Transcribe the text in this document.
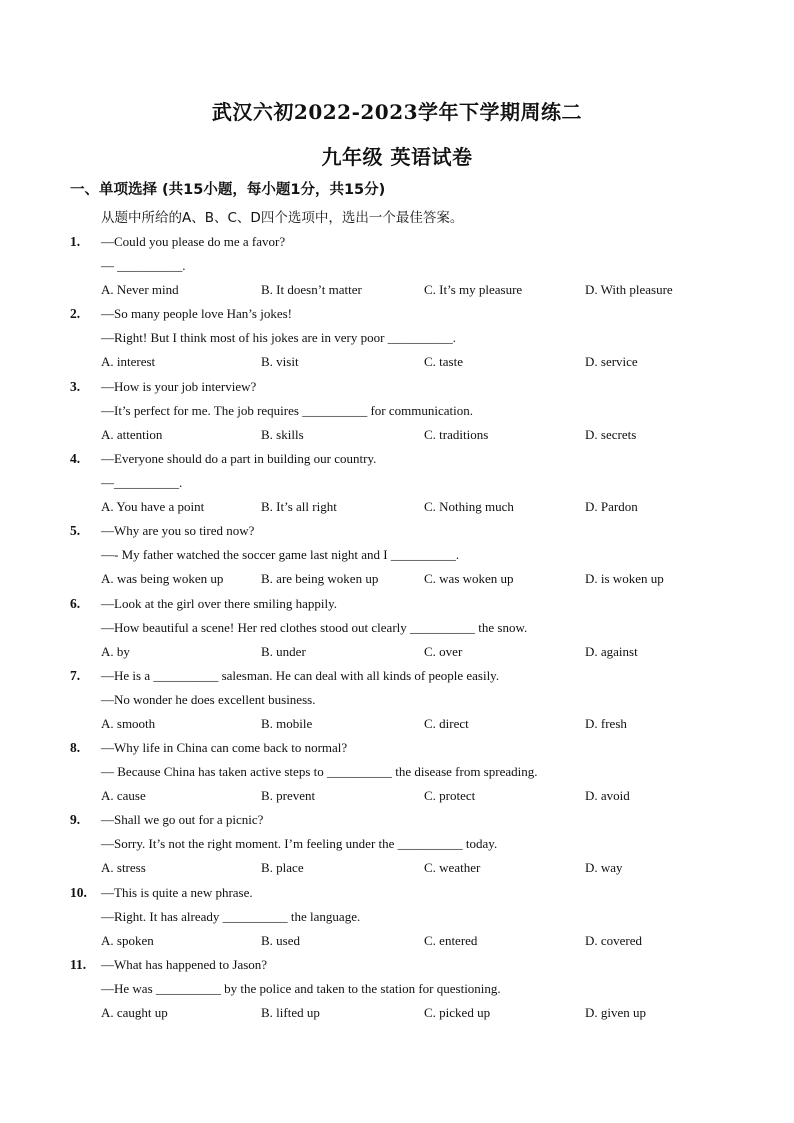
武汉六初2022-2023学年下学期周练二
九年级 英语试卷
一、单项选择 (共15小题，每小题1分，共15分)
从题中所给的A、B、C、D四个选项中，选出一个最佳答案。
1. —Could you please do me a favor?
— __________.
A. Never mind	B. It doesn’t matter	C. It’s my pleasure	D. With pleasure
2. —So many people love Han’s jokes!
—Right! But I think most of his jokes are in very poor __________.
A. interest	B. visit	C. taste	D. service
3. —How is your job interview?
—It’s perfect for me. The job requires __________ for communication.
A. attention	B. skills	C. traditions	D. secrets
4. —Everyone should do a part in building our country.
—__________.
A. You have a point	B. It’s all right	C. Nothing much	D. Pardon
5. —Why are you so tired now?
—- My father watched the soccer game last night and I __________.
A. was being woken up	B. are being woken up	C. was woken up	D. is woken up
6. —Look at the girl over there smiling happily.
—How beautiful a scene! Her red clothes stood out clearly __________ the snow.
A. by	B. under	C. over	D. against
7. —He is a __________ salesman. He can deal with all kinds of people easily.
—No wonder he does excellent business.
A. smooth	B. mobile	C. direct	D. fresh
8. —Why life in China can come back to normal?
— Because China has taken active steps to __________ the disease from spreading.
A. cause	B. prevent	C. protect	D. avoid
9. —Shall we go out for a picnic?
—Sorry. It’s not the right moment. I’m feeling under the __________ today.
A. stress	B. place	C. weather	D. way
10. —This is quite a new phrase.
—Right. It has already __________ the language.
A. spoken	B. used	C. entered	D. covered
11. —What has happened to Jason?
—He was __________ by the police and taken to the station for questioning.
A. caught up	B. lifted up	C. picked up	D. given up
